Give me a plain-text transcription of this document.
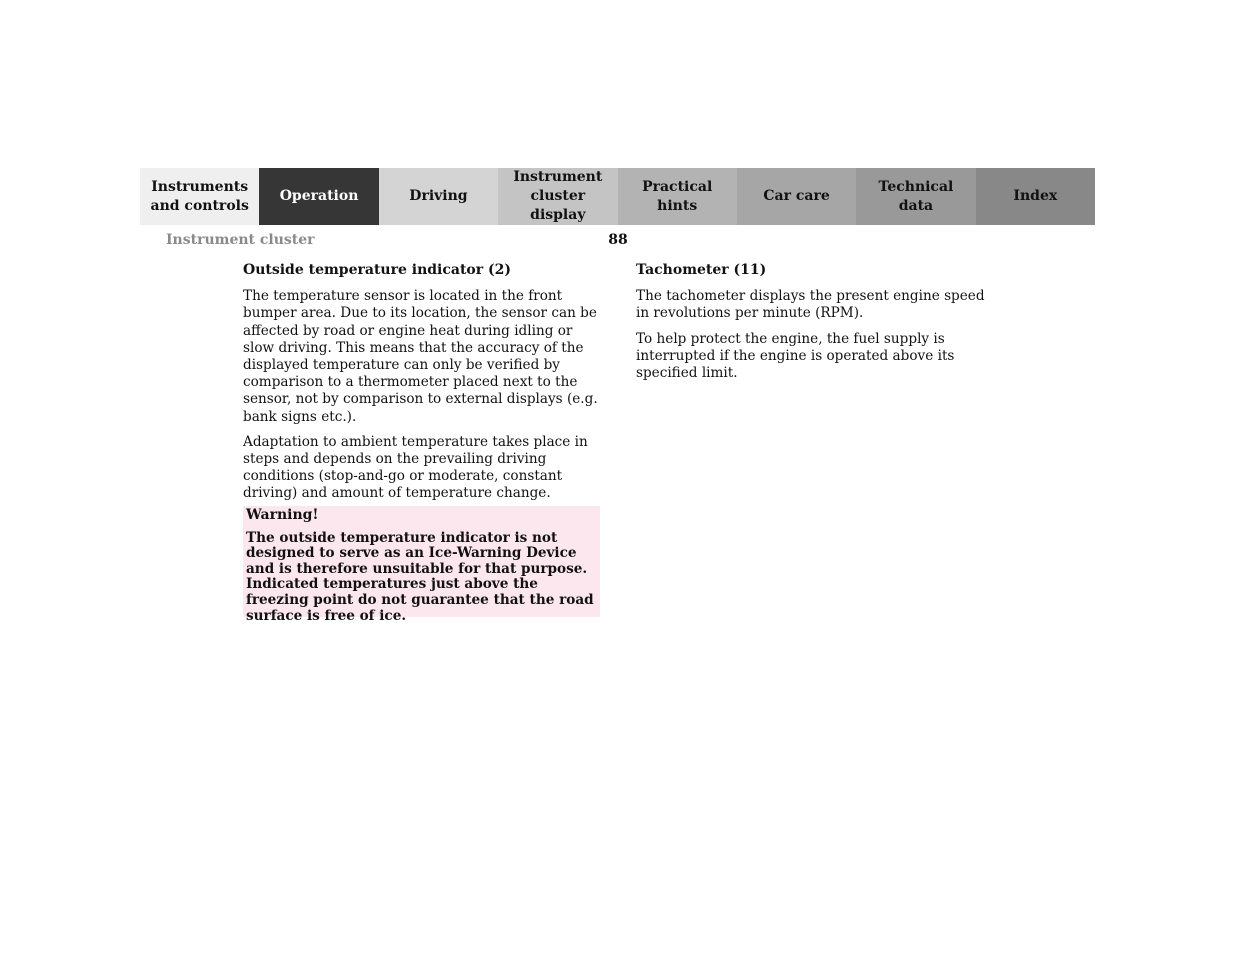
Instruments
and controls
Operation	Driving
Instrument
cluster display
Practical hints
Car care
Technical
data
Index
Instrument cluster	88
Outside temperature indicator (2)

The temperature sensor is located in the front bumper area. Due to its location, the sensor can be affected by road or engine heat during idling or slow driving. This means that the accuracy of the displayed temperature can only be verified by comparison to a thermometer placed next to the sensor, not by comparison to external displays (e.g. bank signs etc.).

Adaptation to ambient temperature takes place in steps and depends on the prevailing driving conditions (stop-and-go or moderate, constant driving) and amount of temperature change.

Warning!
The outside temperature indicator is not designed to serve as an Ice-Warning Device and is therefore unsuitable for that purpose. Indicated temperatures just above the freezing point do not guarantee that the road surface is free of ice.
Tachometer (11)

The tachometer displays the present engine speed in revolutions per minute (RPM).

To help protect the engine, the fuel supply is interrupted if the engine is operated above its specified limit.
